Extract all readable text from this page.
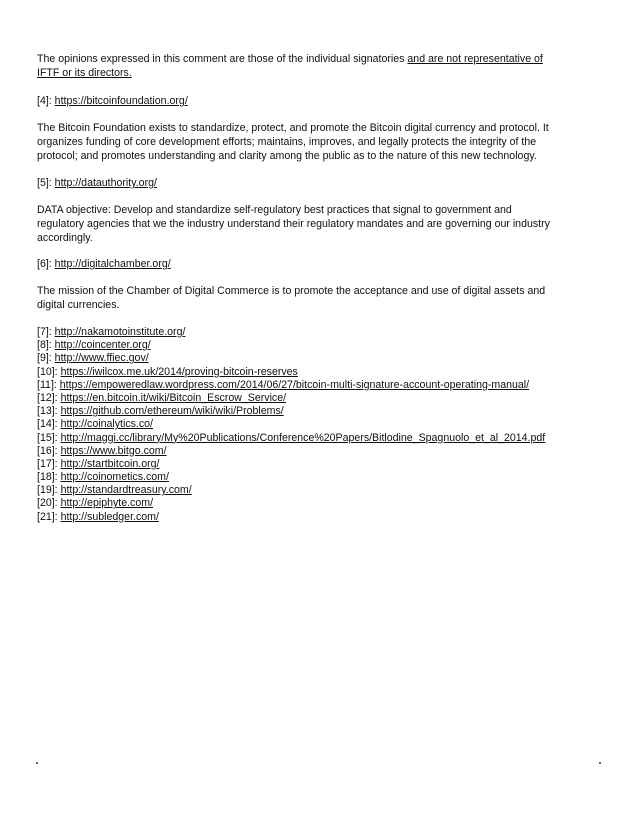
The opinions expressed in this comment are those of the individual signatories and are not representative of
IFTF or its directors.

[4]: https://bitcoinfoundation.org/

The Bitcoin Foundation exists to standardize, protect, and promote the Bitcoin digital currency and protocol. It
organizes funding of core development efforts; maintains, improves, and legally protects the integrity of the
protocol; and promotes understanding and clarity among the public as to the nature of this new technology.

[5]: http://datauthority.org/

DATA objective: Develop and standardize self-regulatory best practices that signal to government and
regulatory agencies that we the industry understand their regulatory mandates and are governing our industry
accordingly.

[6]: http://digitalchamber.org/

The mission of the Chamber of Digital Commerce is to promote the acceptance and use of digital assets and
digital currencies.

[7]: http://nakamotoinstitute.org/
[8]: http://coincenter.org/
[9]: http://www.ffiec.gov/
[10]: https://iwilcox.me.uk/2014/proving-bitcoin-reserves
[11]: https://empoweredlaw.wordpress.com/2014/06/27/bitcoin-multi-signature-account-operating-manual/
[12]: https://en.bitcoin.it/wiki/Bitcoin_Escrow_Service/
[13]: https://github.com/ethereum/wiki/wiki/Problems/
[14]: http://coinalytics.co/
[15]: http://maggi.cc/library/My%20Publications/Conference%20Papers/Bitlodine_Spagnuolo_et_al_2014.pdf
[16]: https://www.bitgo.com/
[17]: http://startbitcoin.org/
[18]: http://coinometics.com/
[19]: http://standardtreasury.com/
[20]: http://epiphyte.com/
[21]: http://subledger.com/
